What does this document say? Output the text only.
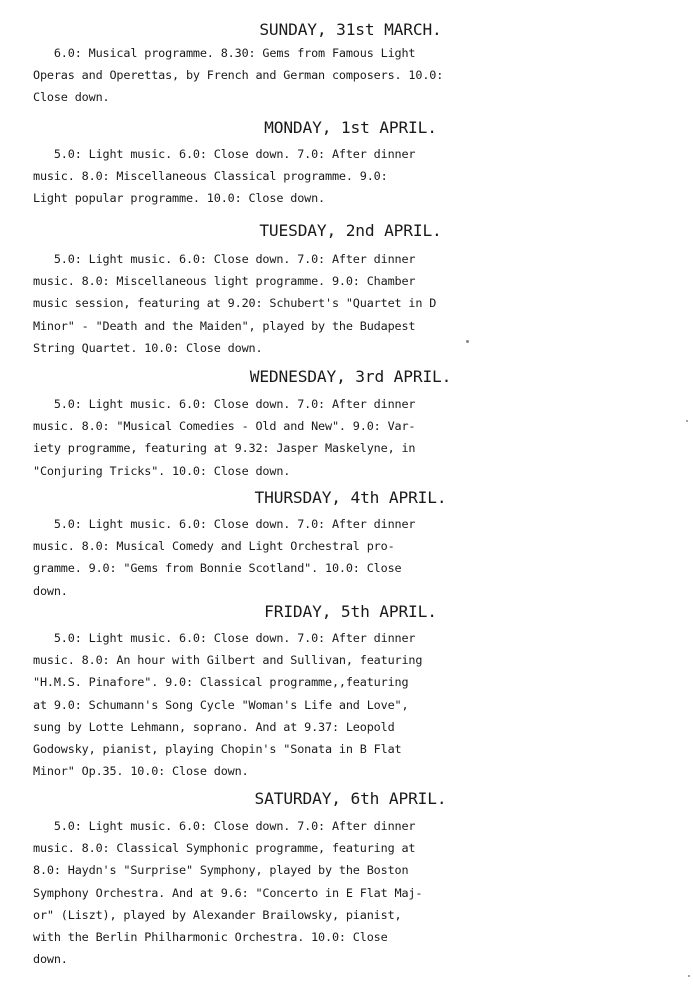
SUNDAY, 31st MARCH.
6.0: Musical programme. 8.30: Gems from Famous Light
Operas and Operettas, by French and German composers. 10.0:
Close down.
MONDAY, 1st APRIL.
5.0: Light music. 6.0: Close down. 7.0: After dinner
music. 8.0: Miscellaneous Classical programme. 9.0:
Light popular programme. 10.0: Close down.
TUESDAY, 2nd APRIL.
5.0: Light music. 6.0: Close down. 7.0: After dinner
music. 8.0: Miscellaneous light programme. 9.0: Chamber
music session, featuring at 9.20: Schubert's "Quartet in D
Minor" - "Death and the Maiden", played by the Budapest
String Quartet. 10.0: Close down.
WEDNESDAY, 3rd APRIL.
5.0: Light music. 6.0: Close down. 7.0: After dinner
music. 8.0: "Musical Comedies - Old and New". 9.0: Var-
iety programme, featuring at 9.32: Jasper Maskelyne, in
"Conjuring Tricks". 10.0: Close down.
THURSDAY, 4th APRIL.
5.0: Light music. 6.0: Close down. 7.0: After dinner
music. 8.0: Musical Comedy and Light Orchestral pro-
gramme. 9.0: "Gems from Bonnie Scotland". 10.0: Close
down.
FRIDAY, 5th APRIL.
5.0: Light music. 6.0: Close down. 7.0: After dinner
music. 8.0: An hour with Gilbert and Sullivan, featuring
"H.M.S. Pinafore". 9.0: Classical programme,,featuring
at 9.0: Schumann's Song Cycle "Woman's Life and Love",
sung by Lotte Lehmann, soprano. And at 9.37: Leopold
Godowsky, pianist, playing Chopin's "Sonata in B Flat
Minor" Op.35. 10.0: Close down.
SATURDAY, 6th APRIL.
5.0: Light music. 6.0: Close down. 7.0: After dinner
music. 8.0: Classical Symphonic programme, featuring at
8.0: Haydn's "Surprise" Symphony, played by the Boston
Symphony Orchestra. And at 9.6: "Concerto in E Flat Maj-
or" (Liszt), played by Alexander Brailowsky, pianist,
with the Berlin Philharmonic Orchestra. 10.0: Close
down.
